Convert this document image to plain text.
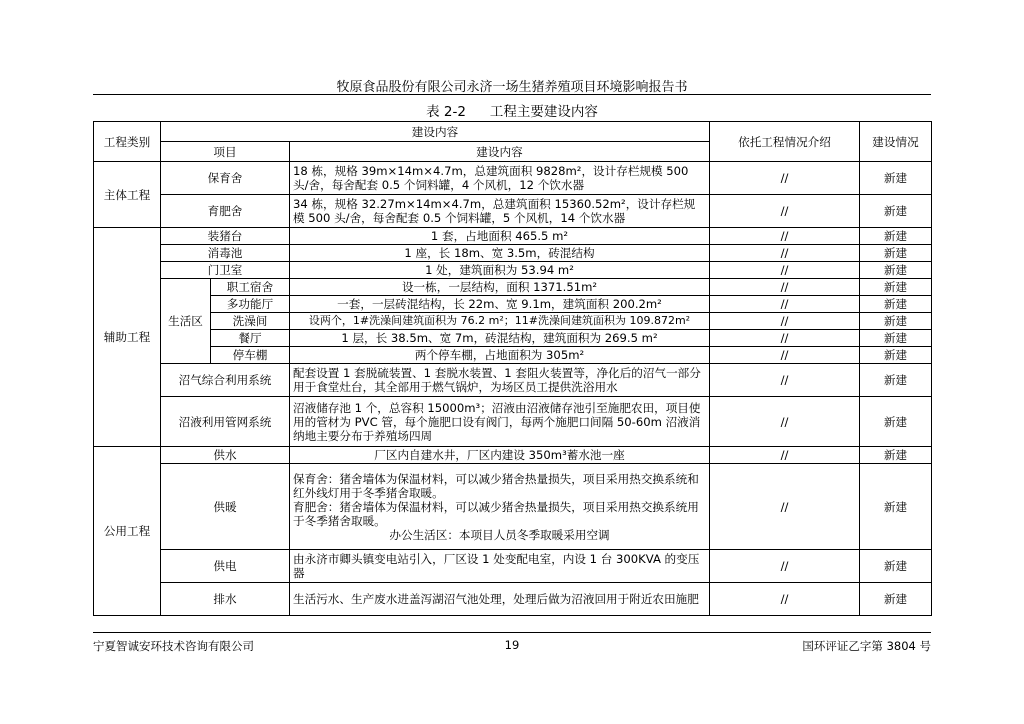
牧原食品股份有限公司永济一场生猪养殖项目环境影响报告书
表 2-2 工程主要建设内容
工程类别	建设内容			依托工程情况介绍	建设情况
	项目		建设内容		
主体工程	保育舍		18 栋，规格 39m×14m×4.7m，总建筑面积 9828m²，设计存栏规模 500 头/舍，每舍配套 0.5 个饲料罐，4 个风机，12 个饮水器	//	新建
	育肥舍		34 栋，规格 32.27m×14m×4.7m，总建筑面积 15360.52m²，设计存栏规模 500 头/舍，每舍配套 0.5 个饲料罐，5 个风机，14 个饮水器	//	新建
辅助工程	装猪台		1 套，占地面积 465.5 m²	//	新建
	消毒池		1 座，长 18m、宽 3.5m，砖混结构	//	新建
	门卫室		1 处，建筑面积为 53.94 m²	//	新建
	生活区	职工宿舍	设一栋，一层结构，面积 1371.51m²	//	新建
		多功能厅	一套，一层砖混结构，长 22m、宽 9.1m，建筑面积 200.2m²	//	新建
		洗澡间	设两个，1#洗澡间建筑面积为 76.2 m²；11#洗澡间建筑面积为 109.872m²	//	新建
		餐厅	1 层，长 38.5m、宽 7m，砖混结构，建筑面积为 269.5 m²	//	新建
		停车棚	两个停车棚，占地面积为 305m²	//	新建
	沼气综合利用系统		配套设置 1 套脱硫装置、1 套脱水装置、1 套阻火装置等，净化后的沼气一部分用于食堂灶台，其全部用于燃气锅炉，为场区员工提供洗浴用水	//	新建
	沼液利用管网系统		沼液储存池 1 个，总容积 15000m³；沼液由沼液储存池引至施肥农田，项目使用的管材为 PVC 管，每个施肥口设有阀门，每两个施肥口间隔 50-60m 沼液消纳地主要分布于养殖场四周	//	新建
公用工程	供水		厂区内自建水井，厂区内建设 350m³蓄水池一座	//	新建
	供暖		保育舍：猪舍墙体为保温材料，可以减少猪舍热量损失，项目采用热交换系统和红外线灯用于冬季猪舍取暖。
育肥舍：猪舍墙体为保温材料，可以减少猪舍热量损失，项目采用热交换系统用于冬季猪舍取暖。
办公生活区：本项目人员冬季取暖采用空调	//	新建
	供电		由永济市卿头镇变电站引入，厂区设 1 处变配电室，内设 1 台 300KVA 的变压器	//	新建
	排水		生活污水、生产废水进盖泻湖沼气池处理，处理后做为沼液回用于附近农田施肥	//	新建
宁夏智诚安环技术咨询有限公司	19	国环评证乙字第 3804 号
